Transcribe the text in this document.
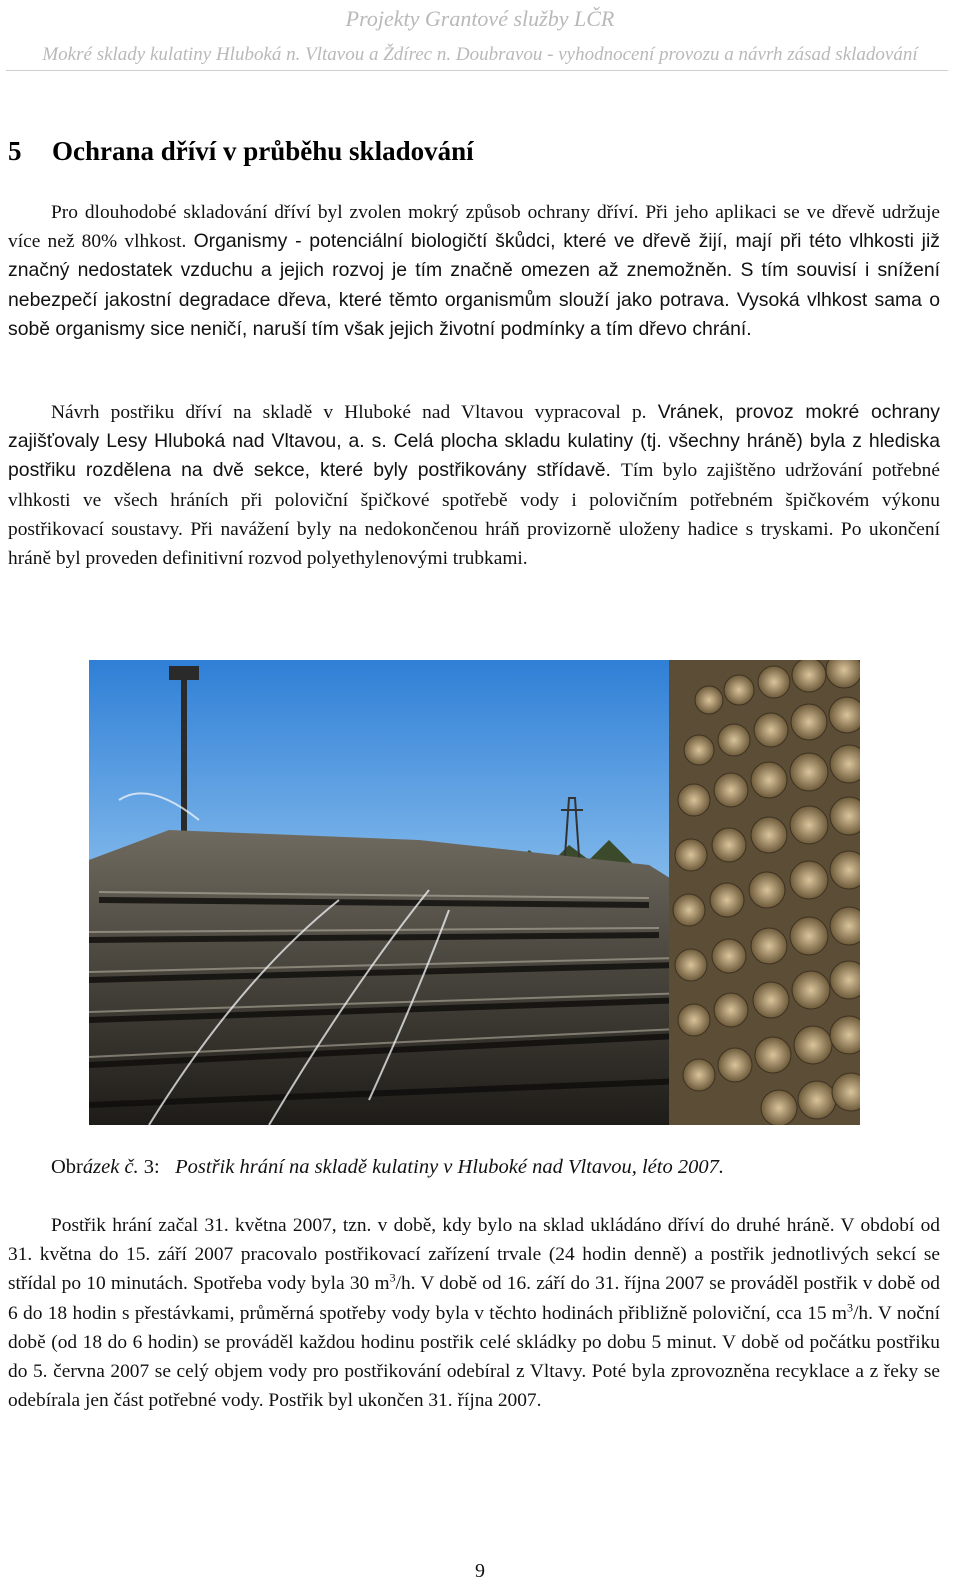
Projekty Grantové služby LČR
Mokré sklady kulatiny Hluboká n. Vltavou a Ždírec n. Doubravou - vyhodnocení provozu a návrh zásad skladování
5 Ochrana dříví v průběhu skladování
Pro dlouhodobé skladování dříví byl zvolen mokrý způsob ochrany dříví. Při jeho aplikaci se ve dřevě udržuje více než 80% vlhkost. Organismy - potenciální biologičtí škůdci, které ve dřevě žijí, mají při této vlhkosti již značný nedostatek vzduchu a jejich rozvoj je tím značně omezen až znemožněn. S tím souvisí i snížení nebezpečí jakostní degradace dřeva, které těmto organismům slouží jako potrava. Vysoká vlhkost sama o sobě organismy sice neničí, naruší tím však jejich životní podmínky a tím dřevo chrání.
Návrh postřiku dříví na skladě v Hluboké nad Vltavou vypracoval p. Vránek, provoz mokré ochrany zajišťovaly Lesy Hluboká nad Vltavou, a. s. Celá plocha skladu kulatiny (tj. všechny hráně) byla z hlediska postřiku rozdělena na dvě sekce, které byly postřikovány střídavě. Tím bylo zajištěno udržování potřebné vlhkosti ve všech hráních při poloviční špičkové spotřebě vody i polovičním potřebném špičkovém výkonu postřikovací soustavy. Při navážení byly na nedokončenou hráň provizorně uloženy hadice s tryskami. Po ukončení hráně byl proveden definitivní rozvod polyethylenovými trubkami.
Obrázek č. 3: Postřik hrání na skladě kulatiny v Hluboké nad Vltavou, léto 2007.
Postřik hrání začal 31. května 2007, tzn. v době, kdy bylo na sklad ukládáno dříví do druhé hráně. V období od 31. května do 15. září 2007 pracovalo postřikovací zařízení trvale (24 hodin denně) a postřik jednotlivých sekcí se střídal po 10 minutách. Spotřeba vody byla 30 $m^3/h$. V době od 16. září do 31. října 2007 se prováděl postřik v době od 6 do 18 hodin s přestávkami, průměrná spotřeby vody byla v těchto hodinách přibližně poloviční, cca 15 $m^3/h$. V noční době (od 18 do 6 hodin) se prováděl každou hodinu postřik celé skládky po dobu 5 minut. V době od počátku postřiku do 5. června 2007 se celý objem vody pro postřikování odebíral z Vltavy. Poté byla zprovozněna recyklace a z řeky se odebírala jen část potřebné vody. Postřik byl ukončen 31. října 2007.
9
